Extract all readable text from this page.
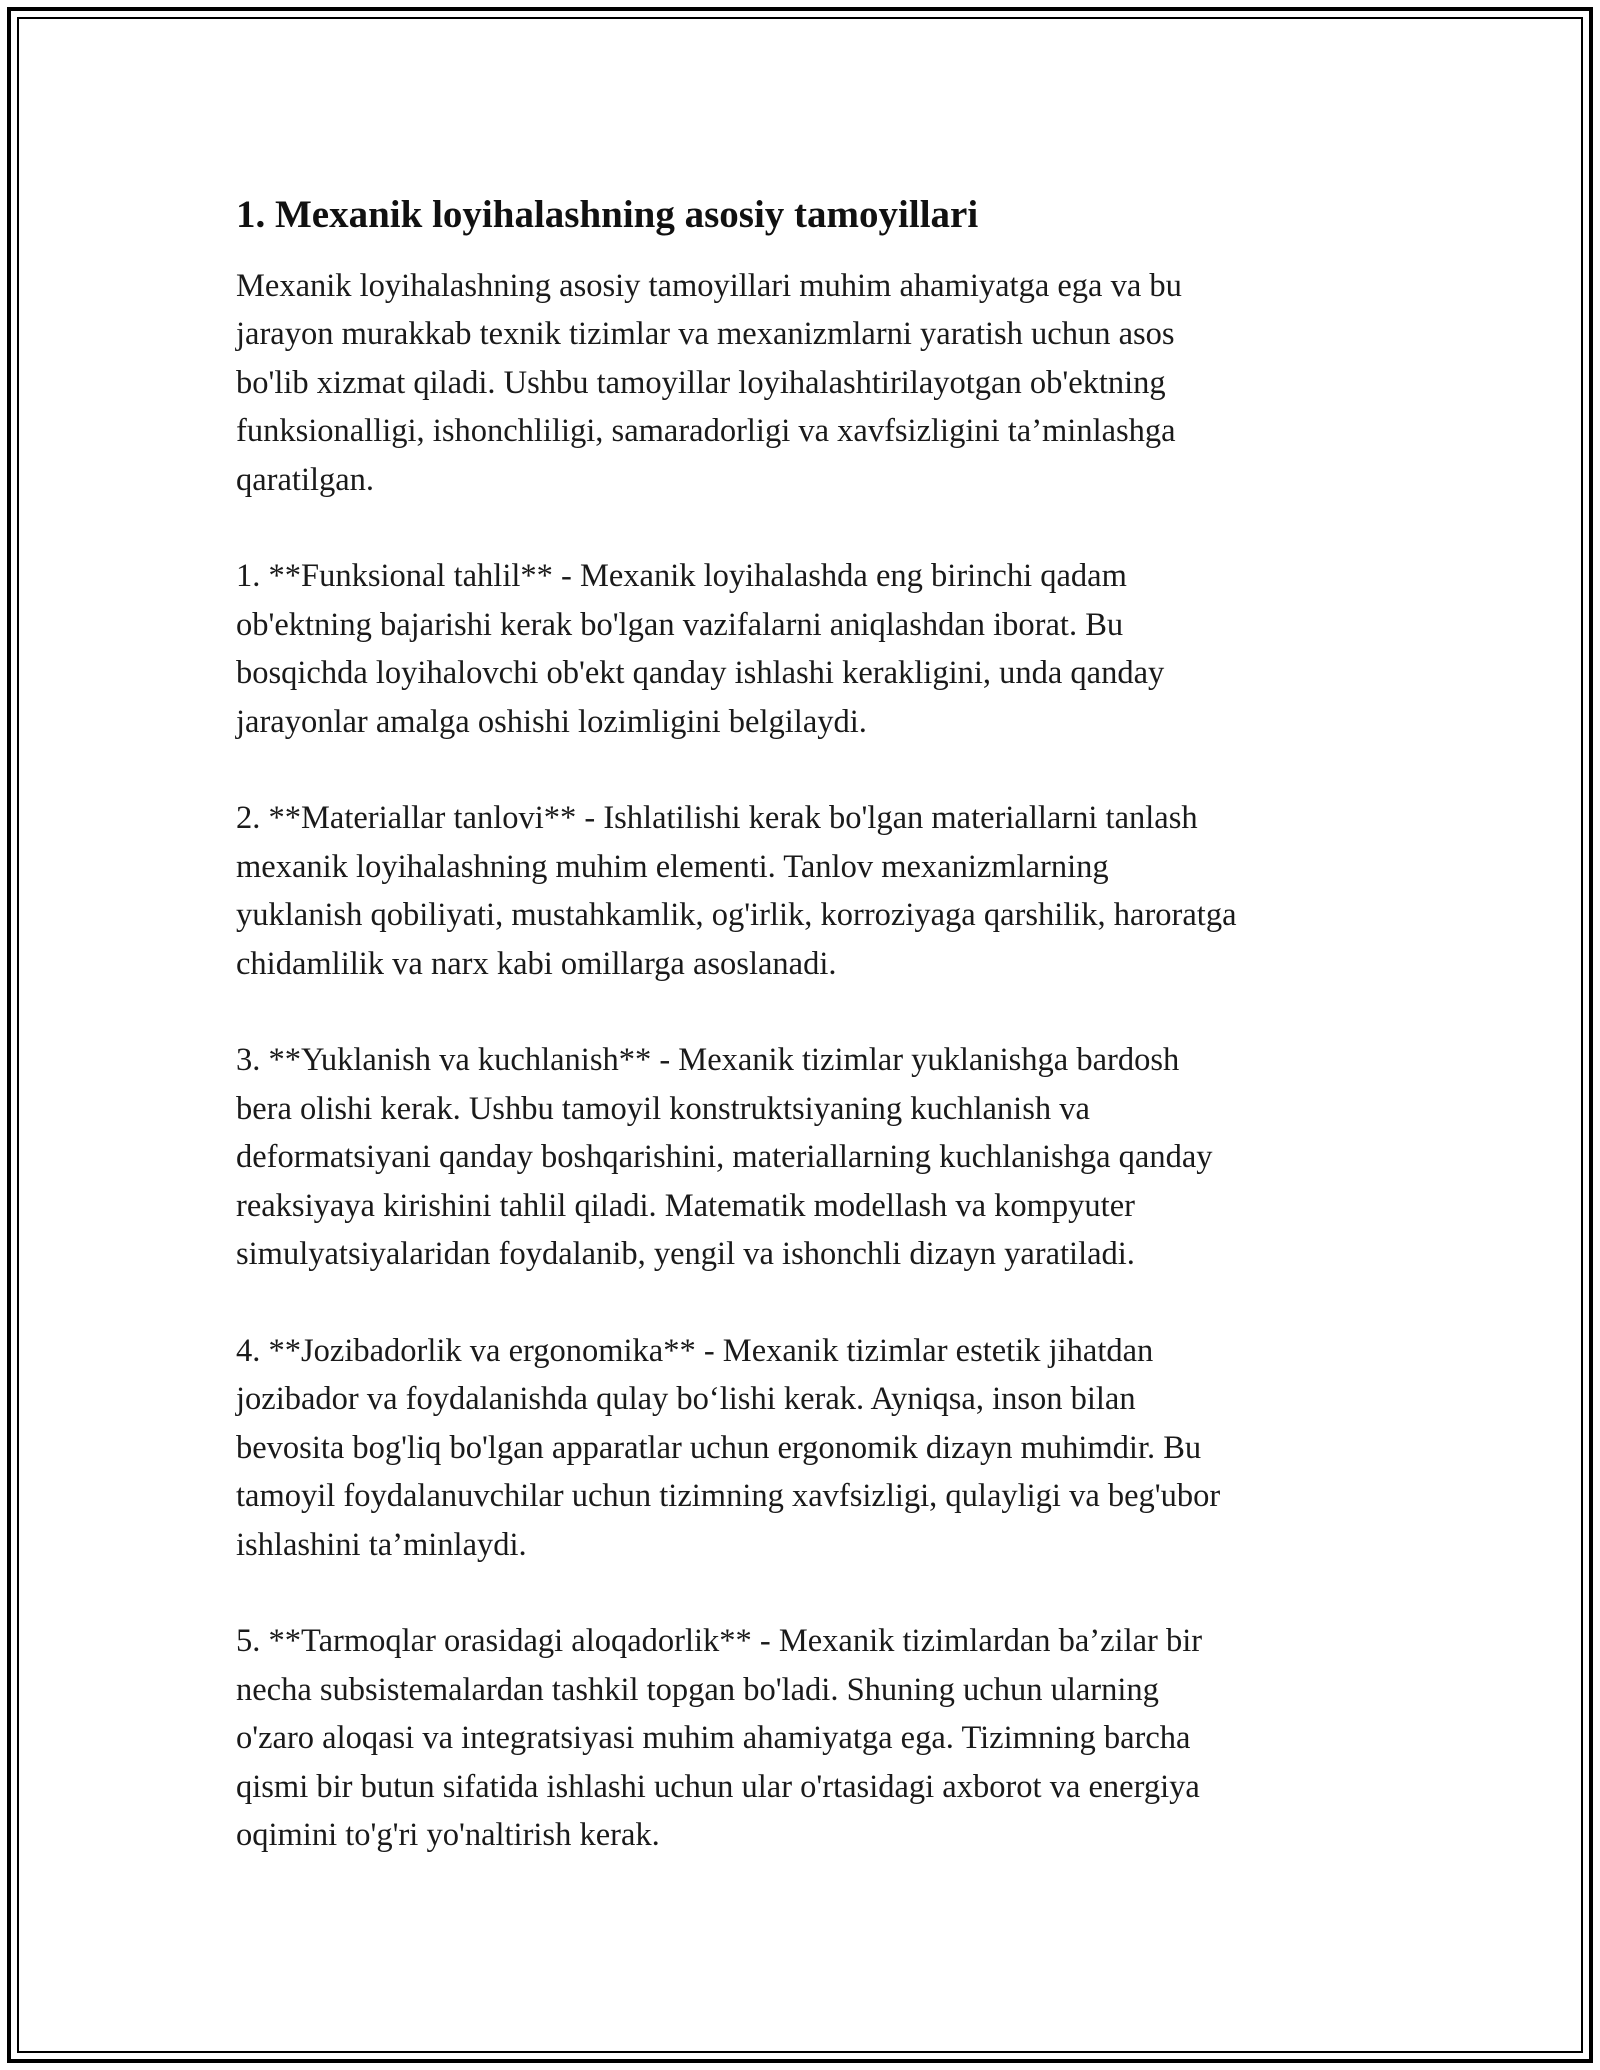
1. Mexanik loyihalashning asosiy tamoyillari

Mexanik loyihalashning asosiy tamoyillari muhim ahamiyatga ega va bu
jarayon murakkab texnik tizimlar va mexanizmlarni yaratish uchun asos
bo'lib xizmat qiladi. Ushbu tamoyillar loyihalashtirilayotgan ob'ektning
funksionalligi, ishonchliligi, samaradorligi va xavfsizligini ta’minlashga
qaratilgan.

1. **Funksional tahlil** - Mexanik loyihalashda eng birinchi qadam
ob'ektning bajarishi kerak bo'lgan vazifalarni aniqlashdan iborat. Bu
bosqichda loyihalovchi ob'ekt qanday ishlashi kerakligini, unda qanday
jarayonlar amalga oshishi lozimligini belgilaydi.

2. **Materiallar tanlovi** - Ishlatilishi kerak bo'lgan materiallarni tanlash
mexanik loyihalashning muhim elementi. Tanlov mexanizmlarning
yuklanish qobiliyati, mustahkamlik, og'irlik, korroziyaga qarshilik, haroratga
chidamlilik va narx kabi omillarga asoslanadi.

3. **Yuklanish va kuchlanish** - Mexanik tizimlar yuklanishga bardosh
bera olishi kerak. Ushbu tamoyil konstruktsiyaning kuchlanish va
deformatsiyani qanday boshqarishini, materiallarning kuchlanishga qanday
reaksiyaya kirishini tahlil qiladi. Matematik modellash va kompyuter
simulyatsiyalaridan foydalanib, yengil va ishonchli dizayn yaratiladi.

4. **Jozibadorlik va ergonomika** - Mexanik tizimlar estetik jihatdan
jozibador va foydalanishda qulay bo‘lishi kerak. Ayniqsa, inson bilan
bevosita bog'liq bo'lgan apparatlar uchun ergonomik dizayn muhimdir. Bu
tamoyil foydalanuvchilar uchun tizimning xavfsizligi, qulayligi va beg'ubor
ishlashini ta’minlaydi.

5. **Tarmoqlar orasidagi aloqadorlik** - Mexanik tizimlardan ba’zilar bir
necha subsistemalardan tashkil topgan bo'ladi. Shuning uchun ularning
o'zaro aloqasi va integratsiyasi muhim ahamiyatga ega. Tizimning barcha
qismi bir butun sifatida ishlashi uchun ular o'rtasidagi axborot va energiya
oqimini to'g'ri yo'naltirish kerak.
